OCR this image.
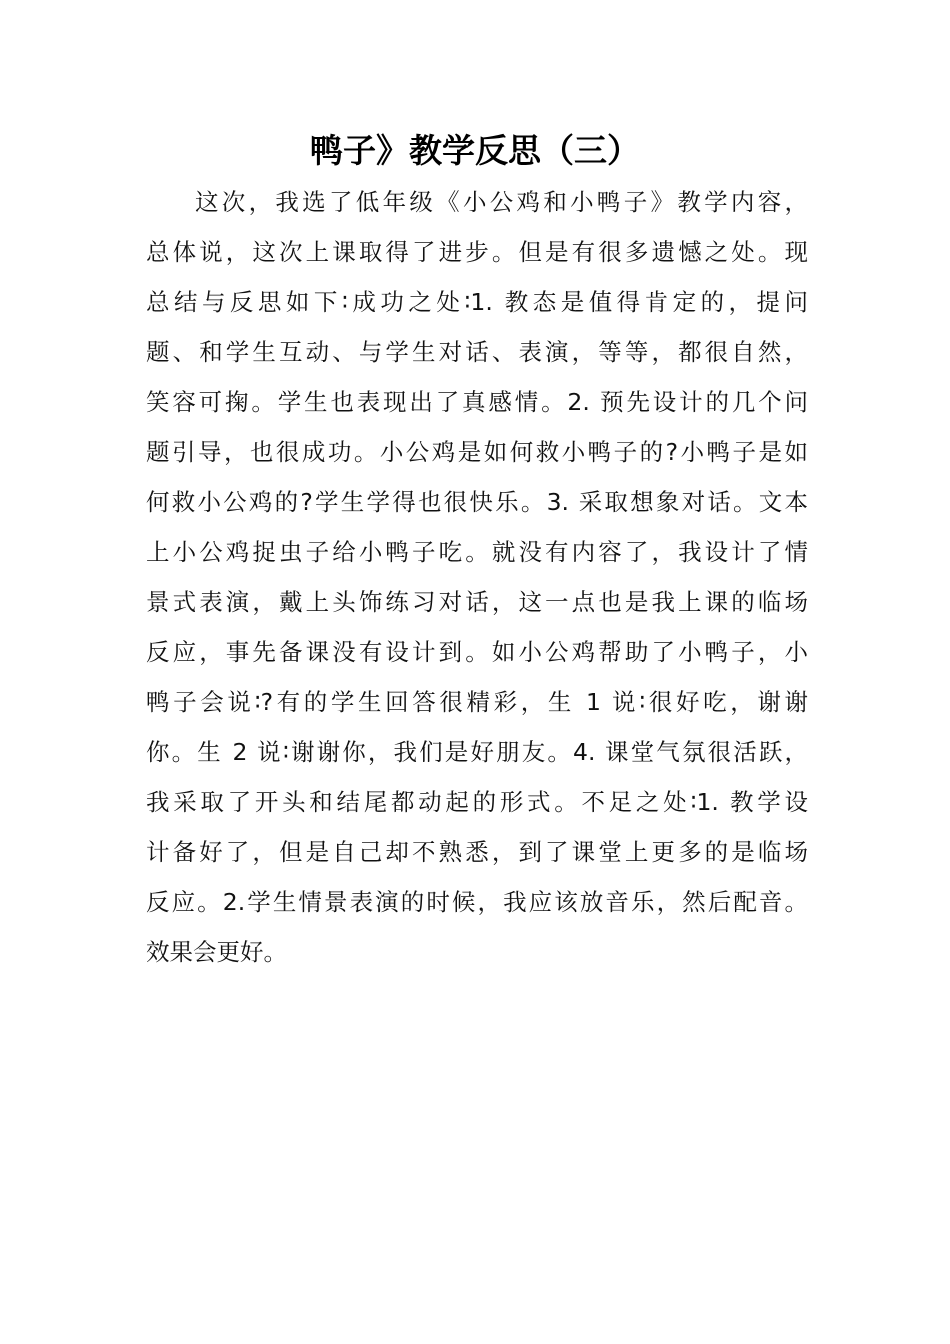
鸭子》教学反思（三）
这次，我选了低年级《小公鸡和小鸭子》教学内容，
总体说，这次上课取得了进步。但是有很多遗憾之处。现
总结与反思如下∶成功之处∶1. 教态是值得肯定的，提问
题、和学生互动、与学生对话、表演，等等，都很自然，
笑容可掬。学生也表现出了真感情。2. 预先设计的几个问
题引导，也很成功。小公鸡是如何救小鸭子的?小鸭子是如
何救小公鸡的?学生学得也很快乐。3. 采取想象对话。文本
上小公鸡捉虫子给小鸭子吃。就没有内容了，我设计了情
景式表演，戴上头饰练习对话，这一点也是我上课的临场
反应，事先备课没有设计到。如小公鸡帮助了小鸭子，小
鸭子会说∶?有的学生回答很精彩，生 1 说∶很好吃，谢谢
你。生 2 说∶谢谢你，我们是好朋友。4. 课堂气氛很活跃，
我采取了开头和结尾都动起的形式。不足之处∶1. 教学设
计备好了，但是自己却不熟悉，到了课堂上更多的是临场
反应。2.学生情景表演的时候，我应该放音乐，然后配音。
效果会更好。
